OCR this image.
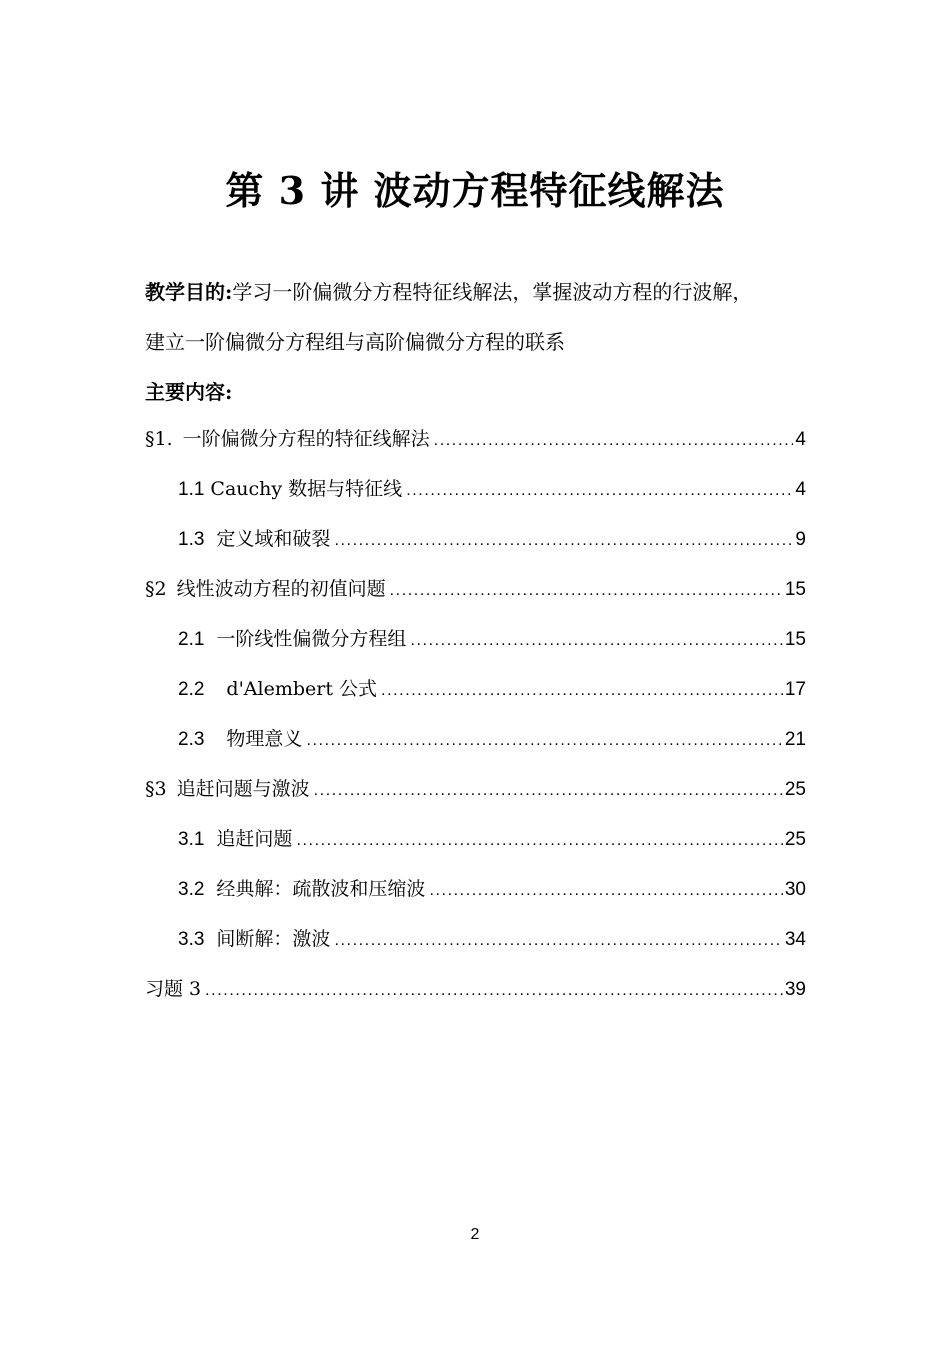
第 3 讲 波动方程特征线解法
教学目的:学习一阶偏微分方程特征线解法，掌握波动方程的行波解，
建立一阶偏微分方程组与高阶偏微分方程的联系
主要内容:
§1. 一阶偏微分方程的特征线解法 .....	4
1.1 Cauchy 数据与特征线 .....	4
1.3 定义域和破裂 .....	9
§2 线性波动方程的初值问题 .....	15
2.1 一阶线性偏微分方程组 .....	15
2.2 d'Alembert 公式 .....	17
2.3 物理意义 .....	21
§3 追赶问题与激波 .....	25
3.1 追赶问题 .....	25
3.2 经典解：疏散波和压缩波 .....	30
3.3 间断解：激波 .....	34
习题 3 .....	39
2
